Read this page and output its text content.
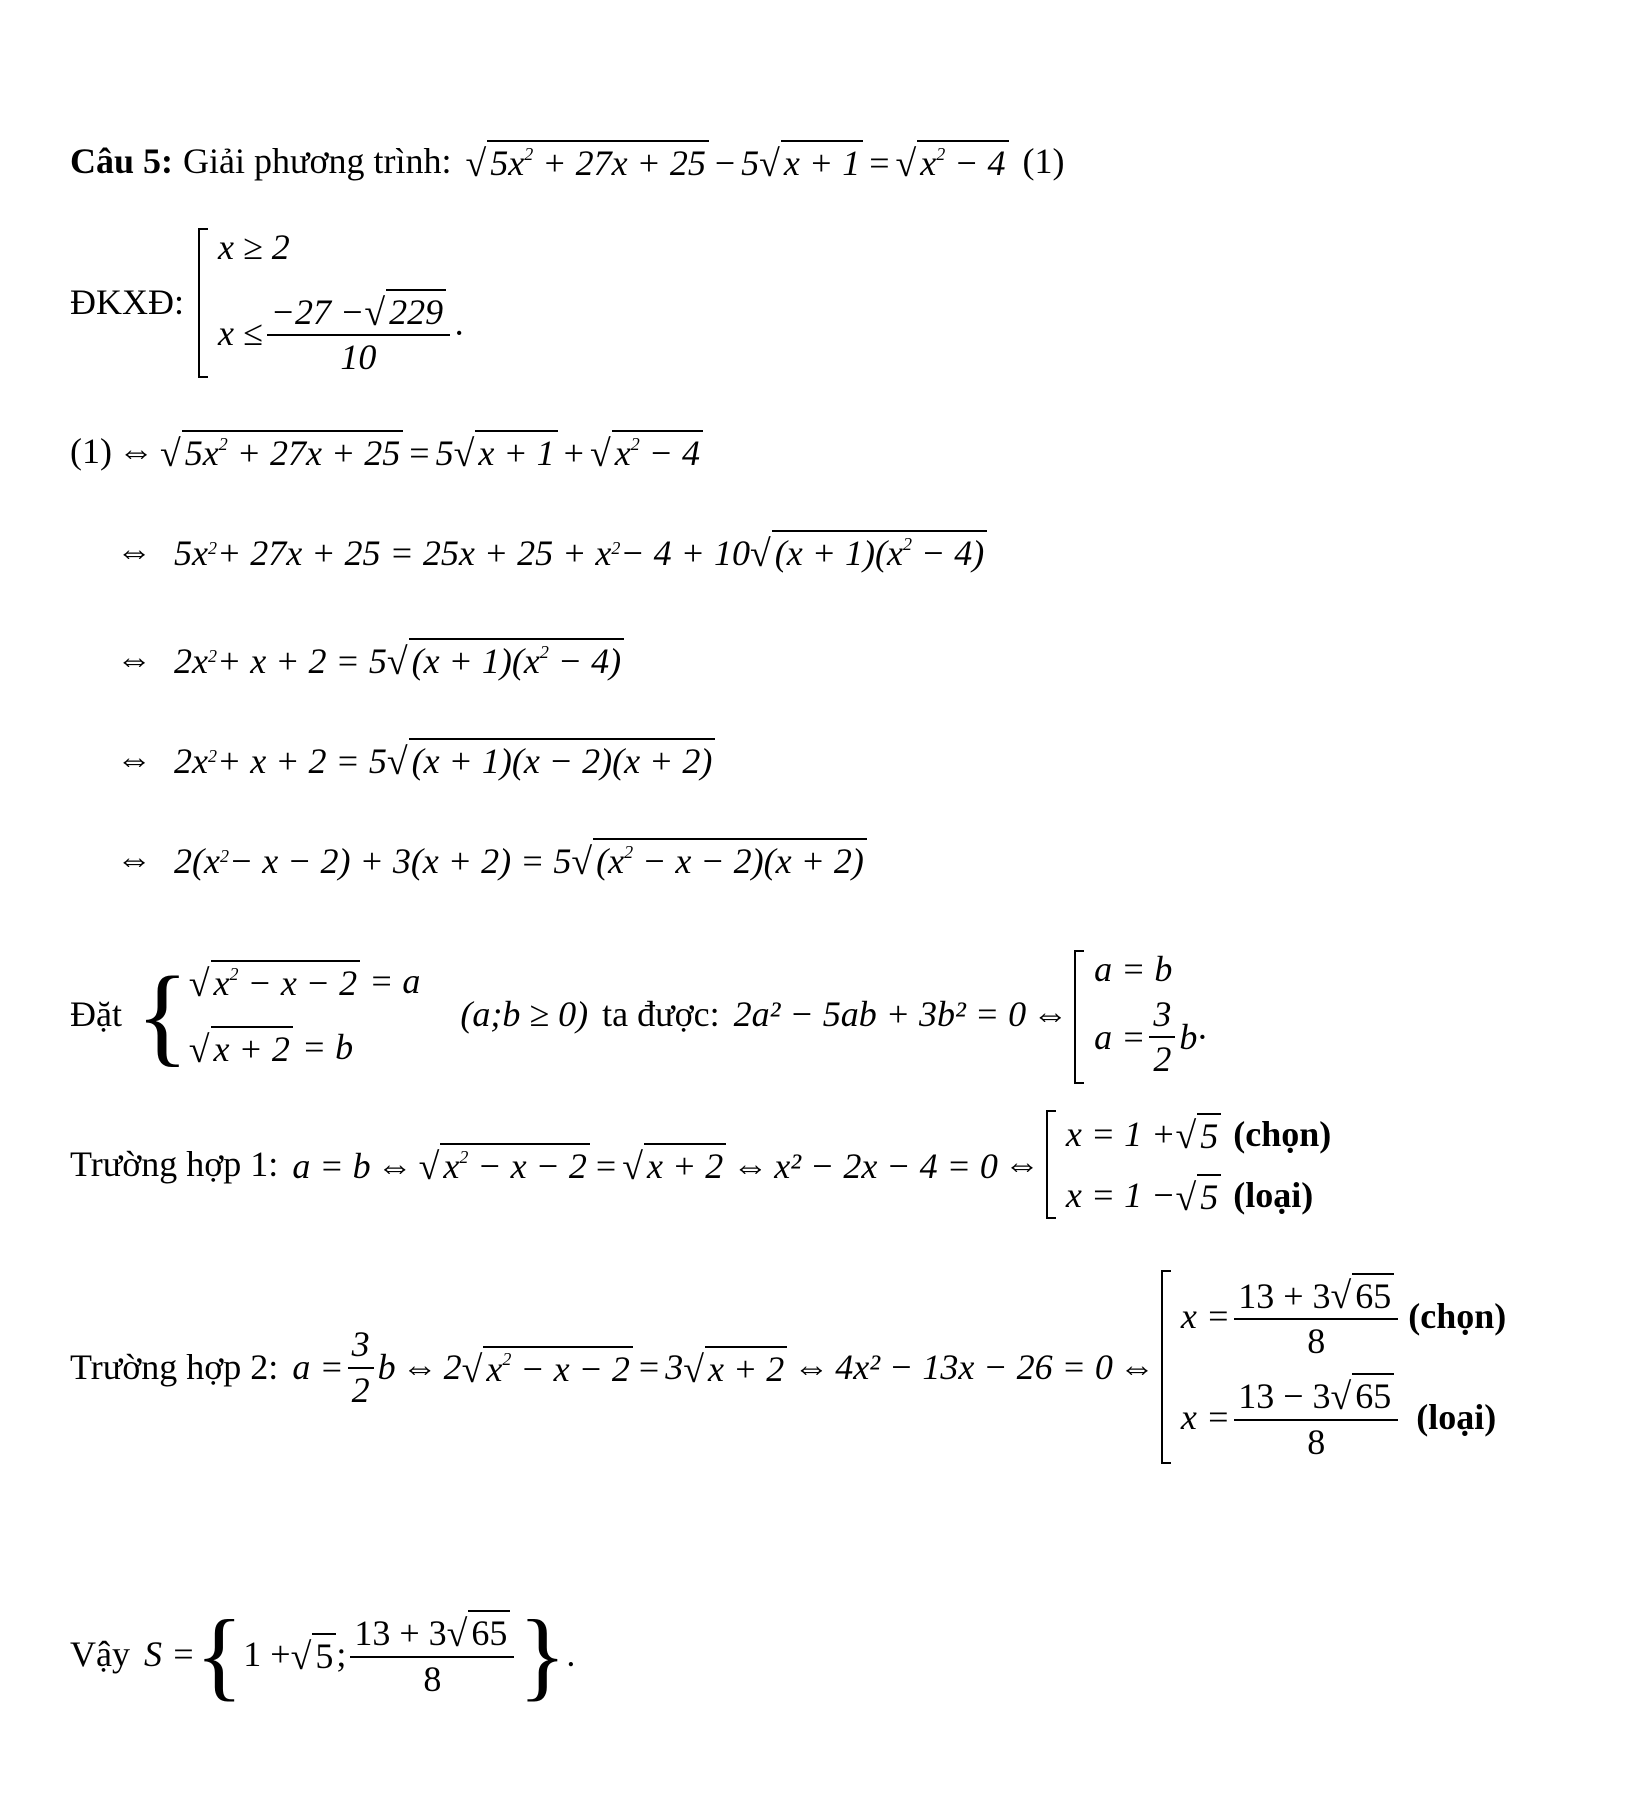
Câu 5: Giải phương trình: √ $5x^2 + 27x + 25 - 5$ √ x + 1 = √ $x^2 - 4$ (1)
ĐKXĐ:
x ≥ 2
$x \le \frac{-27 - √ 229}{10}$ ·
(1) ⇔ √ $5x^2 + 27x + 25 = 5$ √ x + 1 + √ $x^2 - 4$
⇔ $5x^2 + 27x + 25 = 25x + 25 + x^2 - 4 + 10$ √ $(x + 1)(x^2 - 4)$
⇔ $2x^2 + x + 2 = 5$ √ $(x + 1)(x^2 - 4)$
⇔ $2x^2 + x + 2 = 5$ √ (x + 1)(x − 2)(x + 2)
⇔ $2(x^2 - x - 2) + 3(x + 2) = 5$ √ $(x^2 - x - 2)(x + 2)$
Đặt { √ $x^2 - x - 2 = a$
√ x + 2 = b
(a;b ≥ 0) ta được: 2a² − 5ab + 3b² = 0 ⇔
a = b
$a = \frac{3}{2}$ b ·
Trường hợp 1: a = b ⇔ √ $x^2 - x - 2$ = √ x + 2 ⇔ x² − 2x − 4 = 0 ⇔
x = 1 + √ 5 (chọn)
x = 1 − √ 5 (loại)
Trường hợp 2: $a = \frac{3}{2}$ b ⇔ 2 √ $x^2 - x - 2 = 3$ √ x + 2 ⇔ 4x² − 13x − 26 = 0 ⇔
$x = \frac{13 + 3 √ 65}{8}$ (chọn)
$x = \frac{13 - 3 √ 65}{8}$ (loại)
Vậy S = { 1 + √ 5 ; $\frac{13 + 3 √ 65}{8}$ } .
